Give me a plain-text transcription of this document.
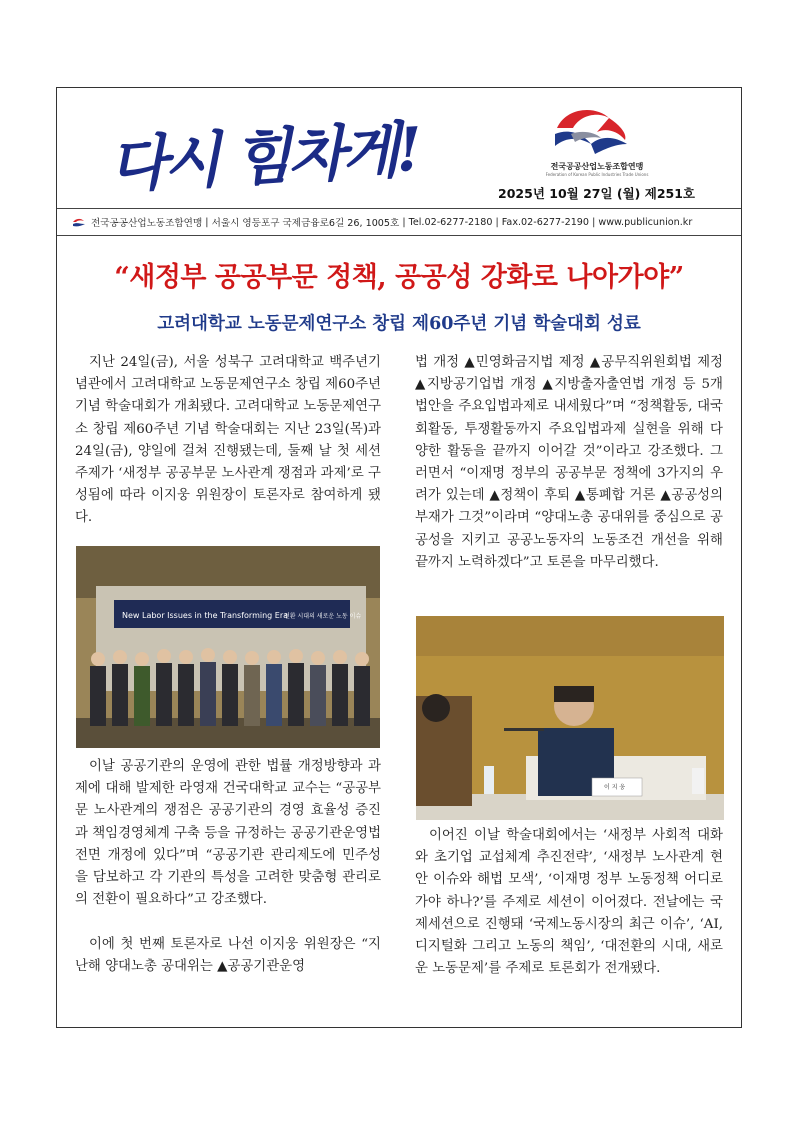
다시 힘차게!	전국공공산업노동조합연맹
Federation of Korean Public Industries Trade Unions
2025년 10월 27일 (월) 제251호
전국공공산업노동조합연맹 | 서울시 영등포구 국제금융로6길 26, 1005호 | Tel.02-6277-2180 | Fax.02-6277-2190 | www.publicunion.kr
“새정부 공공부문 정책, 공공성 강화로 나아가야”
고려대학교 노동문제연구소 창립 제60주년 기념 학술대회 성료

지난 24일(금), 서울 성북구 고려대학교 백주년기념관에서 고려대학교 노동문제연구소 창립 제60주년 기념 학술대회가 개최됐다. 고려대학교 노동문제연구소 창립 제60주년 기념 학술대회는 지난 23일(목)과 24일(금), 양일에 걸쳐 진행됐는데, 둘째 날 첫 세션 주제가 ‘새정부 공공부문 노사관계 쟁점과 과제’로 구성됨에 따라 이지웅 위원장이 토론자로 참여하게 됐다.

New Labor Issues in the Transforming Era
전환 시대의 새로운 노동 이슈

이날 공공기관의 운영에 관한 법률 개정방향과 과제에 대해 발제한 라영재 건국대학교 교수는 “공공부문 노사관계의 쟁점은 공공기관의 경영 효율성 증진과 책임경영체계 구축 등을 규정하는 공공기관운영법 전면 개정에 있다”며 “공공기관 관리제도에 민주성을 담보하고 각 기관의 특성을 고려한 맞춤형 관리로의 전환이 필요하다”고 강조했다.

이에 첫 번째 토론자로 나선 이지웅 위원장은 “지난해 양대노총 공대위는 ▲공공기관운영

법 개정 ▲민영화금지법 제정 ▲공무직위원회법 제정 ▲지방공기업법 개정 ▲지방출자출연법 개정 등 5개 법안을 주요입법과제로 내세웠다”며 “정책활동, 대국회활동, 투쟁활동까지 주요입법과제 실현을 위해 다양한 활동을 끝까지 이어갈 것”이라고 강조했다. 그러면서 “이재명 정부의 공공부문 정책에 3가지의 우려가 있는데 ▲정책이 후퇴 ▲통폐합 거론 ▲공공성의 부재가 그것”이라며 “양대노총 공대위를 중심으로 공공성을 지키고 공공노동자의 노동조건 개선을 위해 끝까지 노력하겠다”고 토론을 마무리했다.

이 지 웅

이어진 이날 학술대회에서는 ‘새정부 사회적 대화와 초기업 교섭체계 추진전략’, ‘새정부 노사관계 현안 이슈와 해법 모색’, ‘이재명 정부 노동정책 어디로 가야 하나?’를 주제로 세션이 이어졌다. 전날에는 국제세션으로 진행돼 ‘국제노동시장의 최근 이슈’, ‘AI, 디지털화 그리고 노동의 책임’, ‘대전환의 시대, 새로운 노동문제’를 주제로 토론회가 전개됐다.
